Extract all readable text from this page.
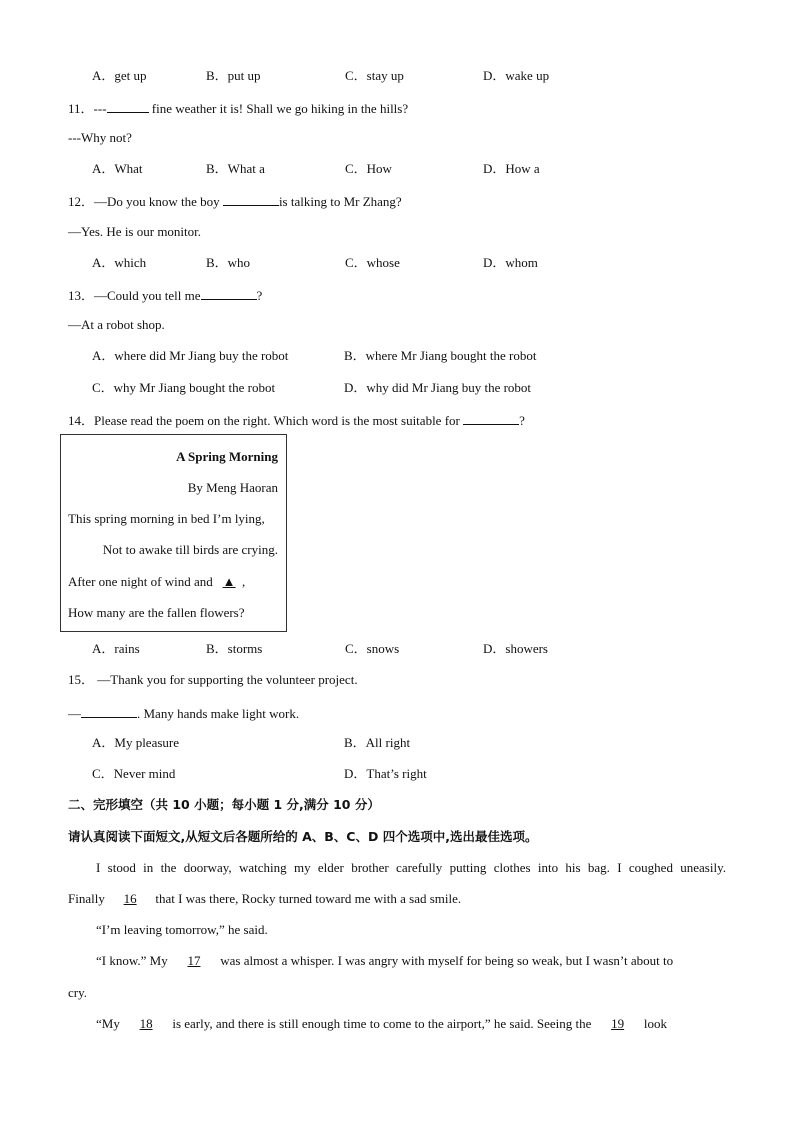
A．get up	B．put up	C．stay up	D．wake up
11．---	fine weather it is! Shall we go hiking in the hills?
---Why not?
A．What	B．What a	C．How	D．How a
12．—Do you know the boy	is talking to Mr Zhang?
—Yes. He is our monitor.
A．which	B．who	C．whose	D．whom
13．—Could you tell me	?
—At a robot shop.
A．where did Mr Jiang buy the robot	B．where Mr Jiang bought the robot
C．why Mr Jiang bought the robot	D．why did Mr Jiang buy the robot
14．Please read the poem on the right. Which word is the most suitable for	?
A Spring Morning
By Meng Haoran
This spring morning in bed I’m lying,
Not to awake till birds are crying.
After one night of wind and ▲ ,
How many are the fallen flowers?
A．rains	B．storms	C．snows	D．showers
15． —Thank you for supporting the volunteer project.
—	. Many hands make light work.
A．My pleasure	B．All right
C．Never mind	D．That’s right
二、完形填空（共 10 小题；每小题 1 分,满分 10 分）
请认真阅读下面短文,从短文后各题所给的 A、B、C、D 四个选项中,选出最佳选项。
I stood in the doorway, watching my elder brother carefully putting clothes into his bag. I coughed uneasily.
Finally 16 that I was there, Rocky turned toward me with a sad smile.
“I’m leaving tomorrow,” he said.
“I know.” My 17 was almost a whisper. I was angry with myself for being so weak, but I wasn’t about to
cry.
“My 18 is early, and there is still enough time to come to the airport,” he said. Seeing the 19 look
